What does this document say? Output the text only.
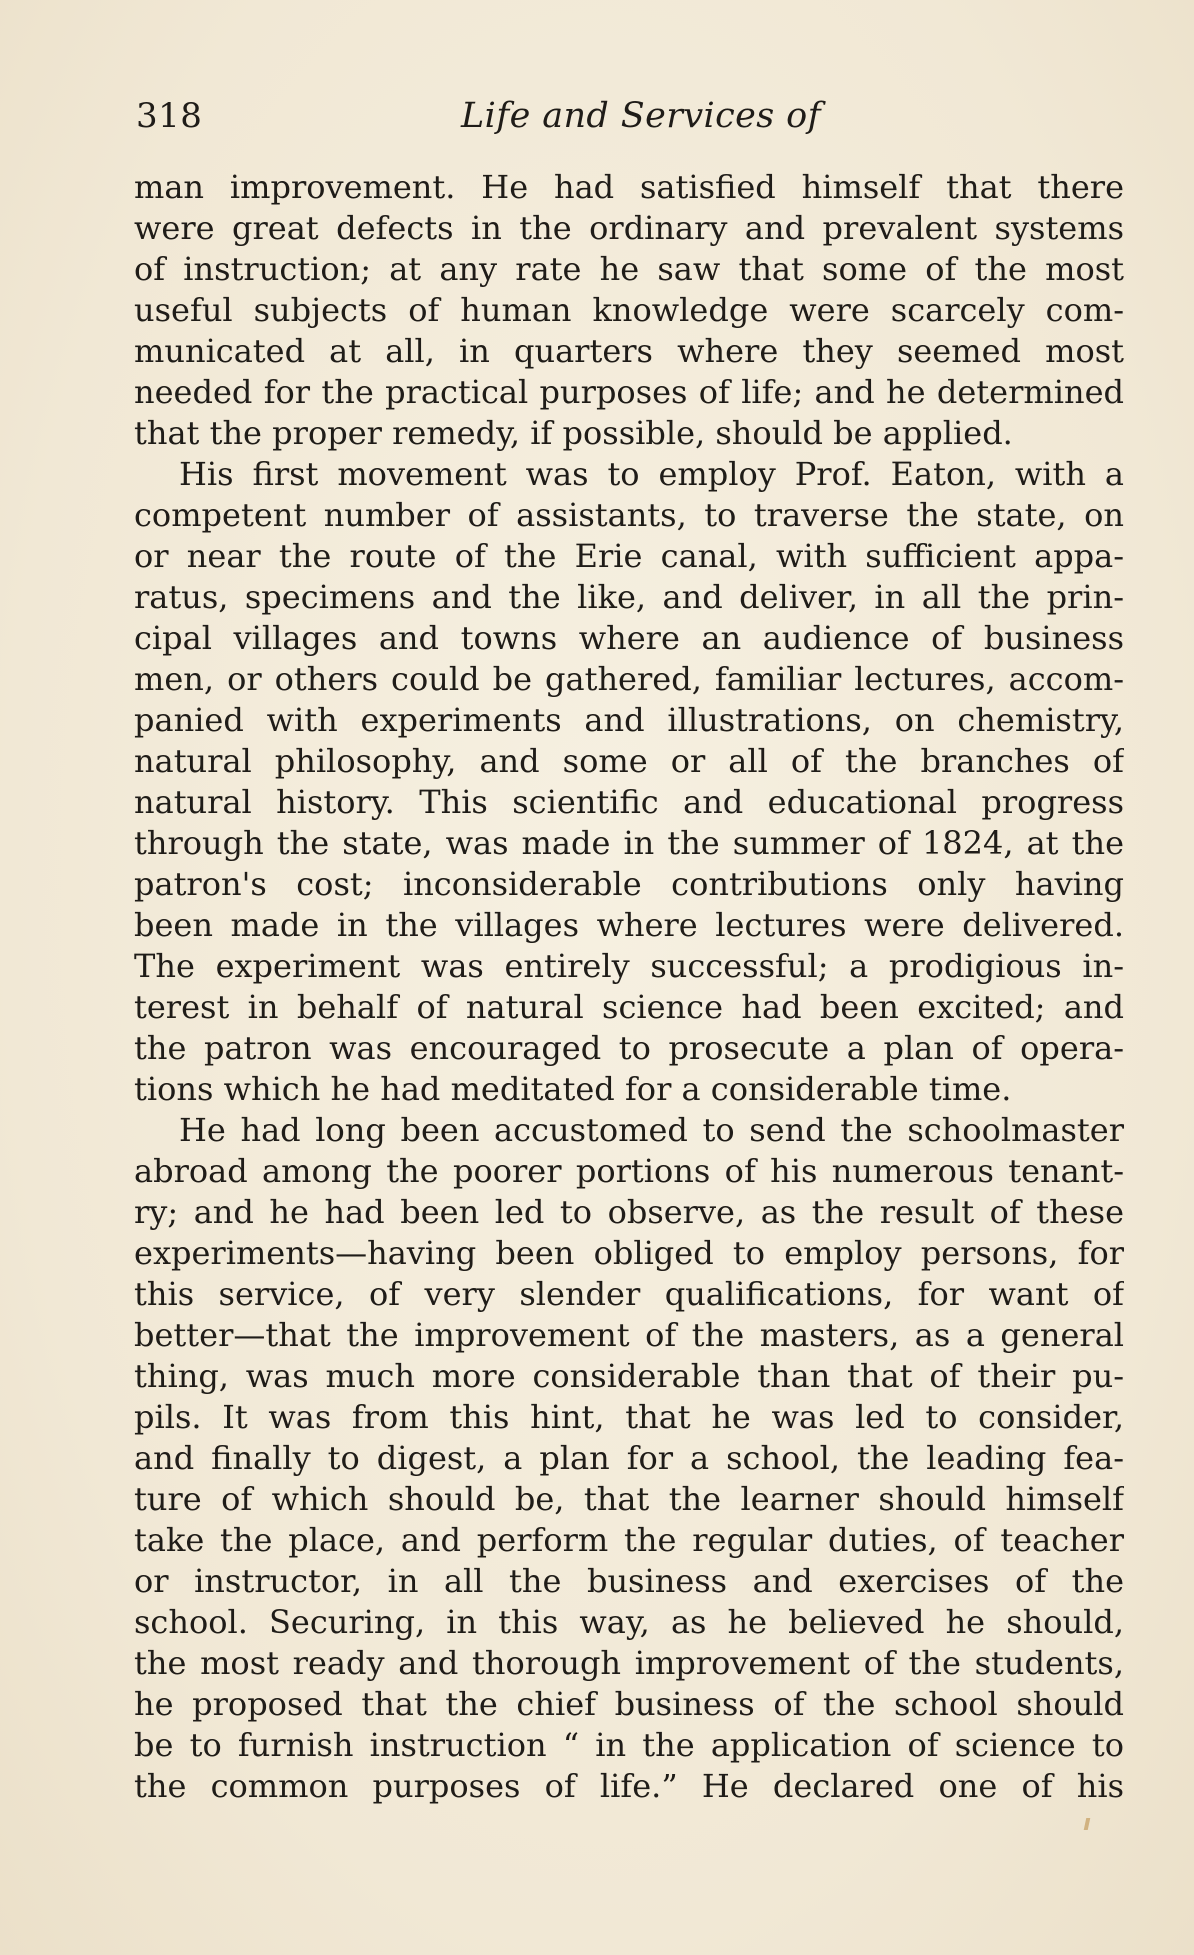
318	Life and Services of
man improvement. He had satisfied himself that there
were great defects in the ordinary and prevalent systems
of instruction; at any rate he saw that some of the most
useful subjects of human knowledge were scarcely com-
municated at all, in quarters where they seemed most
needed for the practical purposes of life; and he determined
that the proper remedy, if possible, should be applied.
His first movement was to employ Prof. Eaton, with a
competent number of assistants, to traverse the state, on
or near the route of the Erie canal, with sufficient appa-
ratus, specimens and the like, and deliver, in all the prin-
cipal villages and towns where an audience of business
men, or others could be gathered, familiar lectures, accom-
panied with experiments and illustrations, on chemistry,
natural philosophy, and some or all of the branches of
natural history. This scientific and educational progress
through the state, was made in the summer of 1824, at the
patron's cost; inconsiderable contributions only having
been made in the villages where lectures were delivered.
The experiment was entirely successful; a prodigious in-
terest in behalf of natural science had been excited; and
the patron was encouraged to prosecute a plan of opera-
tions which he had meditated for a considerable time.
He had long been accustomed to send the schoolmaster
abroad among the poorer portions of his numerous tenant-
ry; and he had been led to observe, as the result of these
experiments—having been obliged to employ persons, for
this service, of very slender qualifications, for want of
better—that the improvement of the masters, as a general
thing, was much more considerable than that of their pu-
pils. It was from this hint, that he was led to consider,
and finally to digest, a plan for a school, the leading fea-
ture of which should be, that the learner should himself
take the place, and perform the regular duties, of teacher
or instructor, in all the business and exercises of the
school. Securing, in this way, as he believed he should,
the most ready and thorough improvement of the students,
he proposed that the chief business of the school should
be to furnish instruction “ in the application of science to
the common purposes of life.” He declared one of his
